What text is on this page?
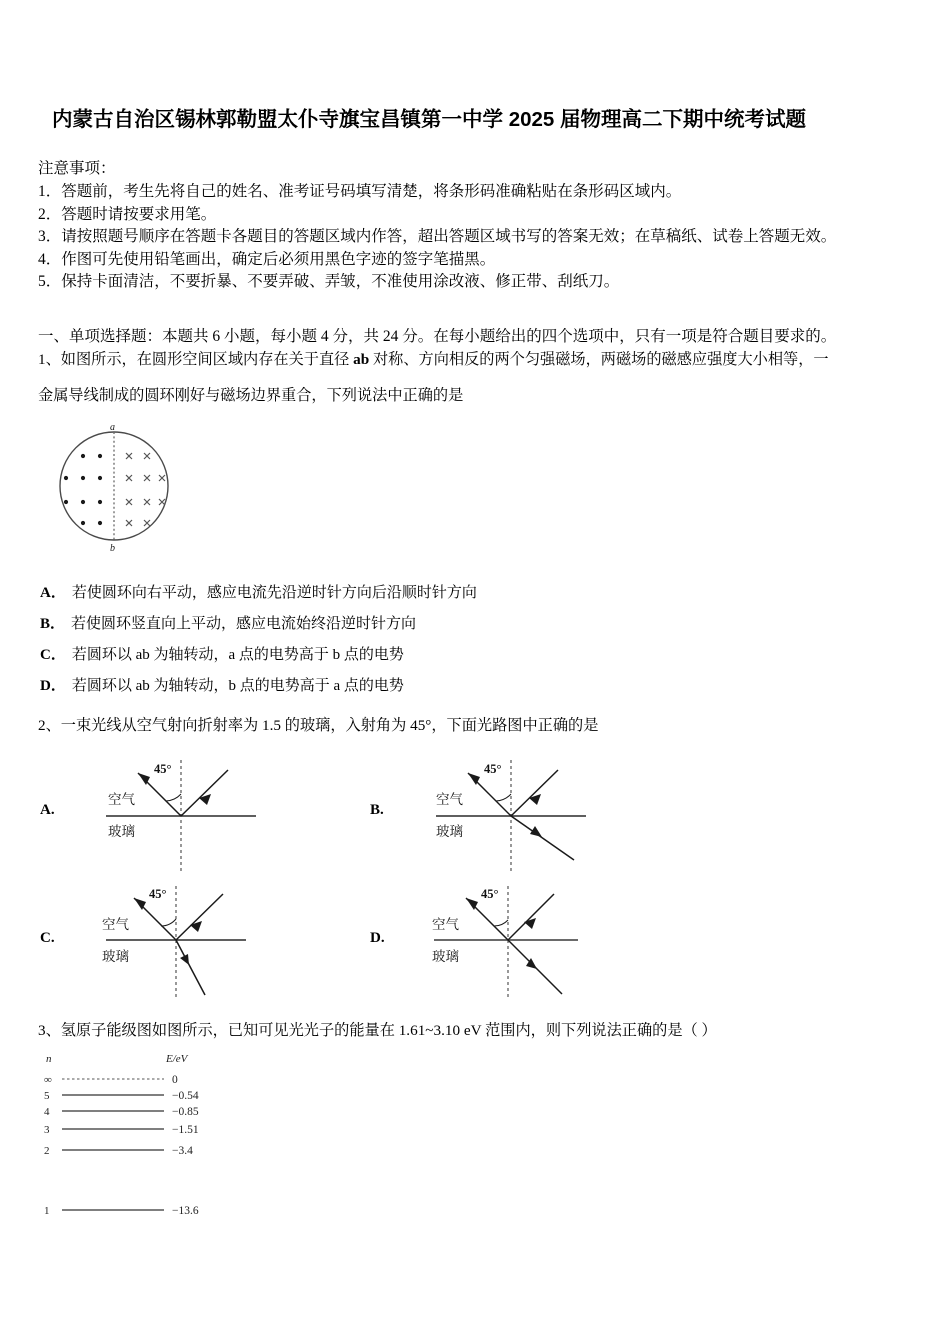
内蒙古自治区锡林郭勒盟太仆寺旗宝昌镇第一中学 2025 届物理高二下期中统考试题
注意事项：
1．答题前，考生先将自己的姓名、准考证号码填写清楚，将条形码准确粘贴在条形码区域内。
2．答题时请按要求用笔。
3．请按照题号顺序在答题卡各题目的答题区域内作答，超出答题区域书写的答案无效；在草稿纸、试卷上答题无效。
4．作图可先使用铅笔画出，确定后必须用黑色字迹的签字笔描黑。
5．保持卡面清洁，不要折暴、不要弄破、弄皱，不准使用涂改液、修正带、刮纸刀。
一、单项选择题：本题共 6 小题，每小题 4 分，共 24 分。在每小题给出的四个选项中，只有一项是符合题目要求的。
1、如图所示，在圆形空间区域内存在关于直径 ab 对称、方向相反的两个匀强磁场，两磁场的磁感应强度大小相等，一
金属导线制成的圆环刚好与磁场边界重合，下列说法中正确的是
a
b
A． 若使圆环向右平动，感应电流先沿逆时针方向后沿顺时针方向
B． 若使圆环竖直向上平动，感应电流始终沿逆时针方向
C． 若圆环以 ab 为轴转动，a 点的电势高于 b 点的电势
D． 若圆环以 ab 为轴转动，b 点的电势高于 a 点的电势
2、一束光线从空气射向折射率为 1.5 的玻璃，入射角为 45°，下面光路图中正确的是
A.
45°
空气
玻璃
B.
45°
空气
玻璃
C.
45°
空气
玻璃
D.
45°
空气
玻璃
3、氢原子能级图如图所示，已知可见光光子的能量在 1.61~3.10 eV 范围内，则下列说法正确的是（ ）
n	E/eV
∞	0
5	−0.54
4	−0.85
3	−1.51
2	−3.4
1	−13.6
